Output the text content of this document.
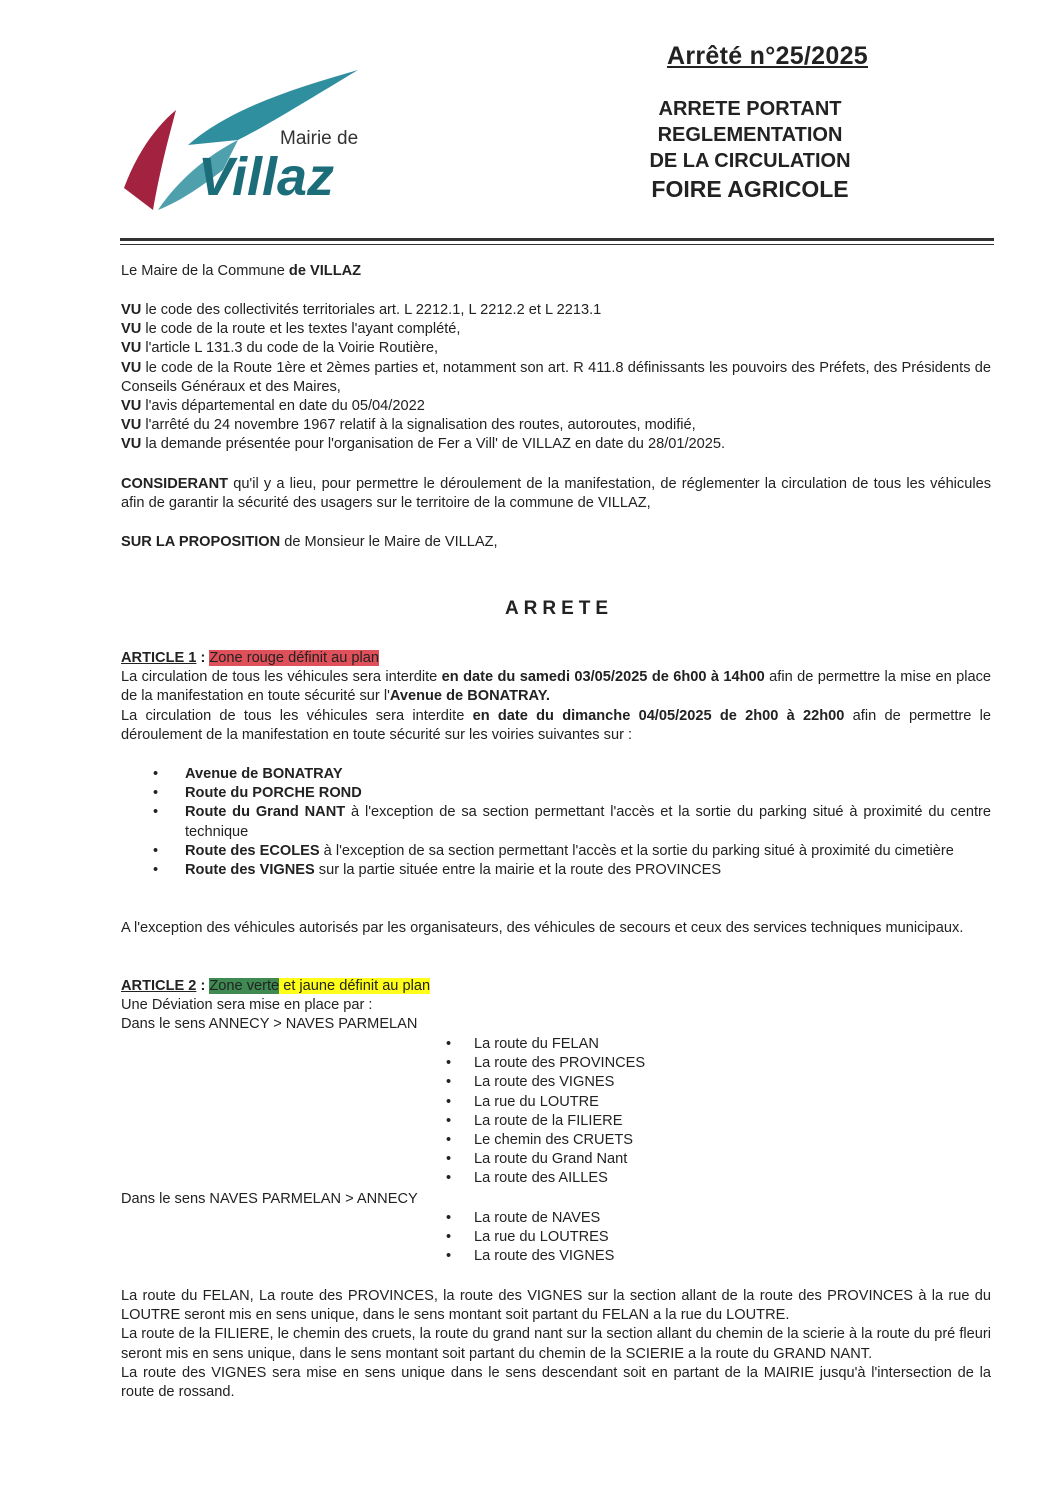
Mairie de
Villaz
Arrêté n°25/2025
ARRETE PORTANT
REGLEMENTATION
DE LA CIRCULATION
FOIRE AGRICOLE
Le Maire de la Commune de VILLAZ
VU le code des collectivités territoriales art. L 2212.1, L 2212.2 et L 2213.1
VU le code de la route et les textes l'ayant complété,
VU l'article L 131.3 du code de la Voirie Routière,
VU le code de la Route 1ère et 2èmes parties et, notamment son art. R 411.8 définissants les pouvoirs des Préfets, des Présidents de Conseils Généraux et des Maires,
VU l'avis départemental en date du 05/04/2022
VU l'arrêté du 24 novembre 1967 relatif à la signalisation des routes, autoroutes, modifié,
VU la demande présentée pour l'organisation de Fer a Vill' de VILLAZ en date du 28/01/2025.
CONSIDERANT qu'il y a lieu, pour permettre le déroulement de la manifestation, de réglementer la circulation de tous les véhicules afin de garantir la sécurité des usagers sur le territoire de la commune de VILLAZ,
SUR LA PROPOSITION de Monsieur le Maire de VILLAZ,
ARRETE
ARTICLE 1 : Zone rouge définit au plan
La circulation de tous les véhicules sera interdite en date du samedi 03/05/2025 de 6h00 à 14h00 afin de permettre la mise en place de la manifestation en toute sécurité sur l'Avenue de BONATRAY.
La circulation de tous les véhicules sera interdite en date du dimanche 04/05/2025 de 2h00 à 22h00 afin de permettre le déroulement de la manifestation en toute sécurité sur les voiries suivantes sur :
• Avenue de BONATRAY
• Route du PORCHE ROND
• Route du Grand NANT à l'exception de sa section permettant l'accès et la sortie du parking situé à proximité du centre technique
• Route des ECOLES à l'exception de sa section permettant l'accès et la sortie du parking situé à proximité du cimetière
• Route des VIGNES sur la partie située entre la mairie et la route des PROVINCES
A l'exception des véhicules autorisés par les organisateurs, des véhicules de secours et ceux des services techniques municipaux.
ARTICLE 2 : Zone verte et jaune définit au plan
Une Déviation sera mise en place par :
Dans le sens ANNECY > NAVES PARMELAN
• La route du FELAN
• La route des PROVINCES
• La route des VIGNES
• La rue du LOUTRE
• La route de la FILIERE
• Le chemin des CRUETS
• La route du Grand Nant
• La route des AILLES
Dans le sens NAVES PARMELAN > ANNECY
• La route de NAVES
• La rue du LOUTRES
• La route des VIGNES
La route du FELAN, La route des PROVINCES, la route des VIGNES sur la section allant de la route des PROVINCES à la rue du LOUTRE seront mis en sens unique, dans le sens montant soit partant du FELAN a la rue du LOUTRE.
La route de la FILIERE, le chemin des cruets, la route du grand nant sur la section allant du chemin de la scierie à la route du pré fleuri seront mis en sens unique, dans le sens montant soit partant du chemin de la SCIERIE a la route du GRAND NANT.
La route des VIGNES sera mise en sens unique dans le sens descendant soit en partant de la MAIRIE jusqu'à l'intersection de la route de rossand.
